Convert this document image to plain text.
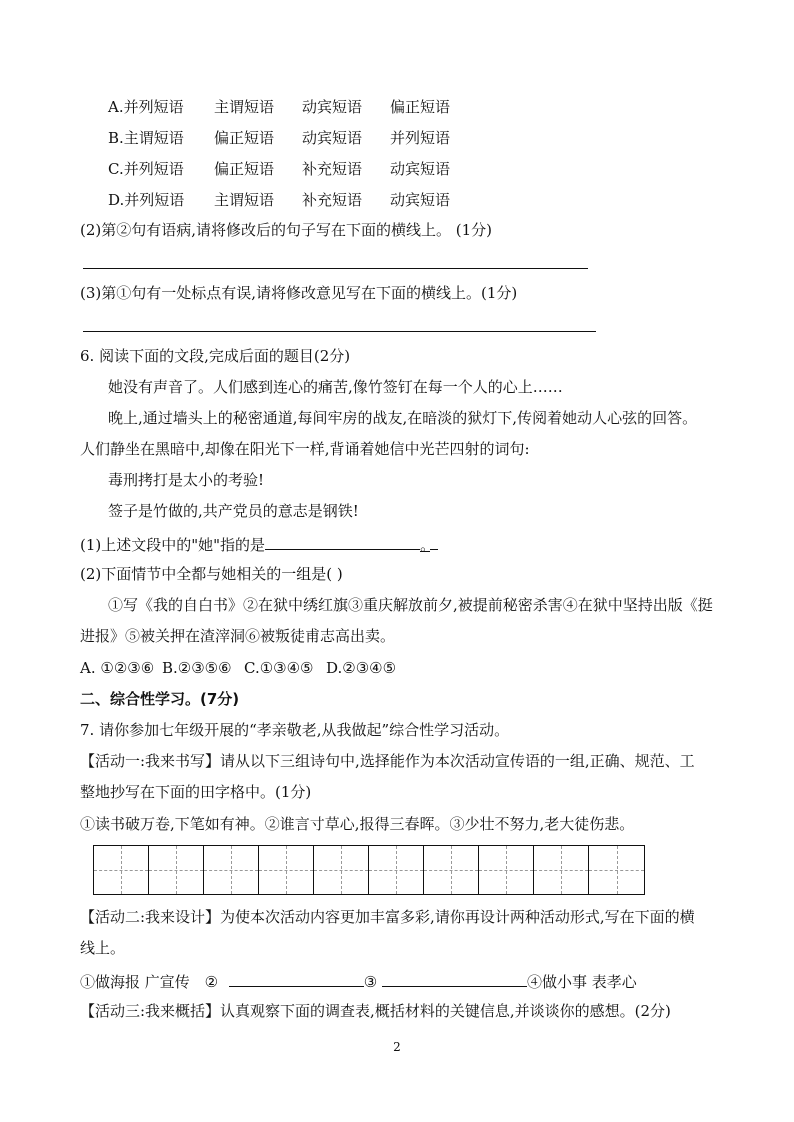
A.并列短语 主谓短语 动宾短语 偏正短语
B.主谓短语 偏正短语 动宾短语 并列短语
C.并列短语 偏正短语 补充短语 动宾短语
D.并列短语 主谓短语 补充短语 动宾短语
(2)第②句有语病,请将修改后的句子写在下面的横线上。 (1分)
(3)第①句有一处标点有误,请将修改意见写在下面的横线上。(1分)
6. 阅读下面的文段,完成后面的题目(2分)
她没有声音了。人们感到连心的痛苦,像竹签钉在每一个人的心上……
晚上,通过墙头上的秘密通道,每间牢房的战友,在暗淡的狱灯下,传阅着她动人心弦的回答。
人们静坐在黑暗中,却像在阳光下一样,背诵着她信中光芒四射的词句:
毒刑拷打是太小的考验!
签子是竹做的,共产党员的意志是钢铁!
(1)上述文段中的"她"指的是	。
(2)下面情节中全都与她相关的一组是( )
①写《我的自白书》②在狱中绣红旗③重庆解放前夕,被提前秘密杀害④在狱中坚持出版《挺
进报》⑤被关押在渣滓洞⑥被叛徒甫志高出卖。
A. ①②③⑥ B.②③⑤⑥ C.①③④⑤ D.②③④⑤
二、综合性学习。(7分)
7. 请你参加七年级开展的“孝亲敬老,从我做起”综合性学习活动。
【活动一:我来书写】请从以下三组诗句中,选择能作为本次活动宣传语的一组,正确、规范、工
整地抄写在下面的田字格中。(1分)
①读书破万卷,下笔如有神。②谁言寸草心,报得三春晖。③少壮不努力,老大徒伤悲。
【活动二:我来设计】为使本次活动内容更加丰富多彩,请你再设计两种活动形式,写在下面的横
线上。
①做海报 广宣传 ②	③	④做小事 表孝心
【活动三:我来概括】认真观察下面的调查表,概括材料的关键信息,并谈谈你的感想。(2分)
2
